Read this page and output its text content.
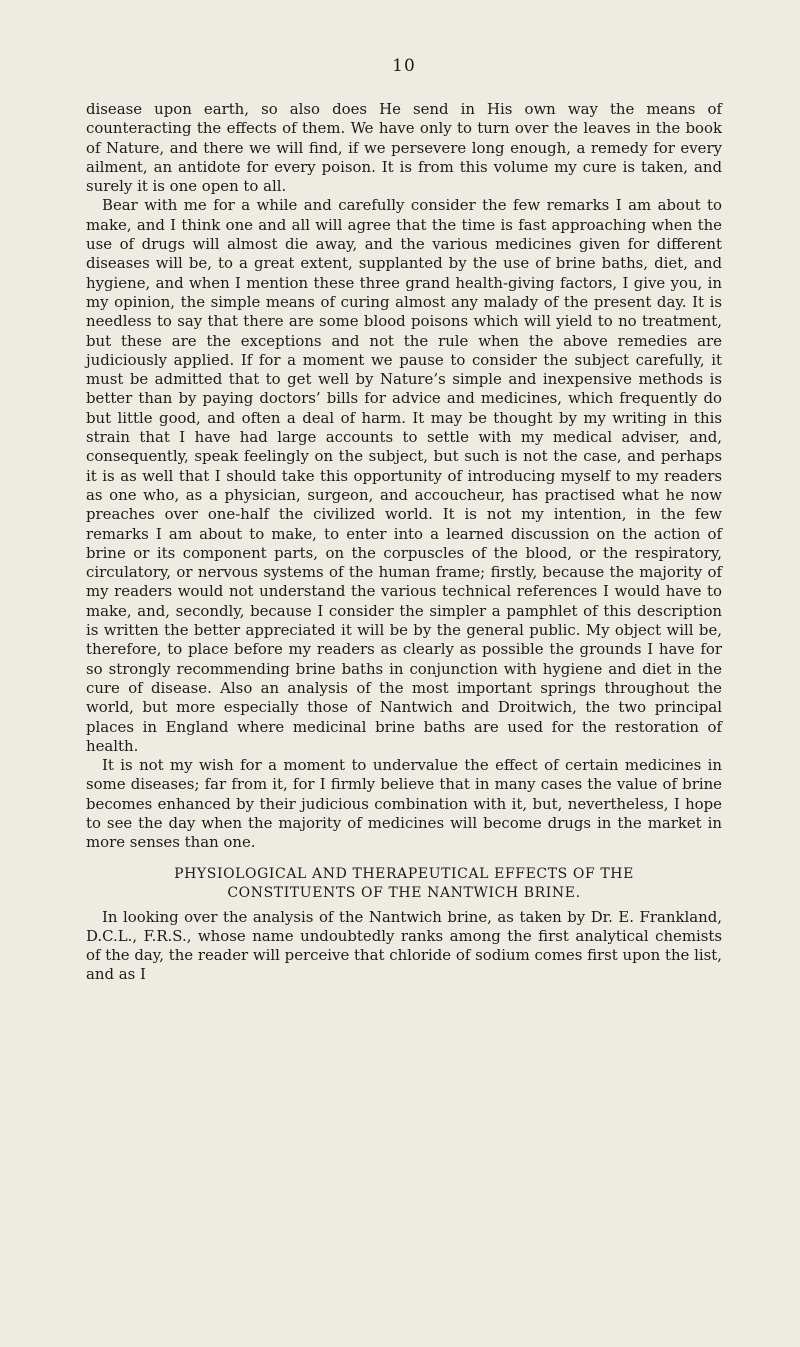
10

disease upon earth, so also does He send in His own way the means of counteracting the effects of them. We have only to turn over the leaves in the book of Nature, and there we will find, if we persevere long enough, a remedy for every ailment, an antidote for every poison. It is from this volume my cure is taken, and surely it is one open to all.

Bear with me for a while and carefully consider the few remarks I am about to make, and I think one and all will agree that the time is fast approaching when the use of drugs will almost die away, and the various medicines given for different diseases will be, to a great extent, supplanted by the use of brine baths, diet, and hygiene, and when I mention these three grand health-giving factors, I give you, in my opinion, the simple means of curing almost any malady of the present day. It is needless to say that there are some blood poisons which will yield to no treatment, but these are the exceptions and not the rule when the above remedies are judiciously applied. If for a moment we pause to consider the subject carefully, it must be admitted that to get well by Nature’s simple and inexpensive methods is better than by paying doctors’ bills for advice and medicines, which frequently do but little good, and often a deal of harm. It may be thought by my writing in this strain that I have had large accounts to settle with my medical adviser, and, consequently, speak feelingly on the subject, but such is not the case, and perhaps it is as well that I should take this opportunity of introducing myself to my readers as one who, as a physician, surgeon, and accoucheur, has practised what he now preaches over one-half the civilized world. It is not my intention, in the few remarks I am about to make, to enter into a learned discussion on the action of brine or its component parts, on the corpuscles of the blood, or the respiratory, circulatory, or nervous systems of the human frame; firstly, because the majority of my readers would not understand the various technical references I would have to make, and, secondly, because I consider the simpler a pamphlet of this description is written the better appreciated it will be by the general public. My object will be, therefore, to place before my readers as clearly as possible the grounds I have for so strongly recommending brine baths in conjunction with hygiene and diet in the cure of disease. Also an analysis of the most important springs throughout the world, but more especially those of Nantwich and Droitwich, the two principal places in England where medicinal brine baths are used for the restoration of health.

It is not my wish for a moment to undervalue the effect of certain medicines in some diseases; far from it, for I firmly believe that in many cases the value of brine becomes enhanced by their judicious combination with it, but, nevertheless, I hope to see the day when the majority of medicines will become drugs in the market in more senses than one.

PHYSIOLOGICAL AND THERAPEUTICAL EFFECTS OF THE
CONSTITUENTS OF THE NANTWICH BRINE.

In looking over the analysis of the Nantwich brine, as taken by Dr. E. Frankland, D.C.L., F.R.S., whose name undoubtedly ranks among the first analytical chemists of the day, the reader will perceive that chloride of sodium comes first upon the list, and as I
